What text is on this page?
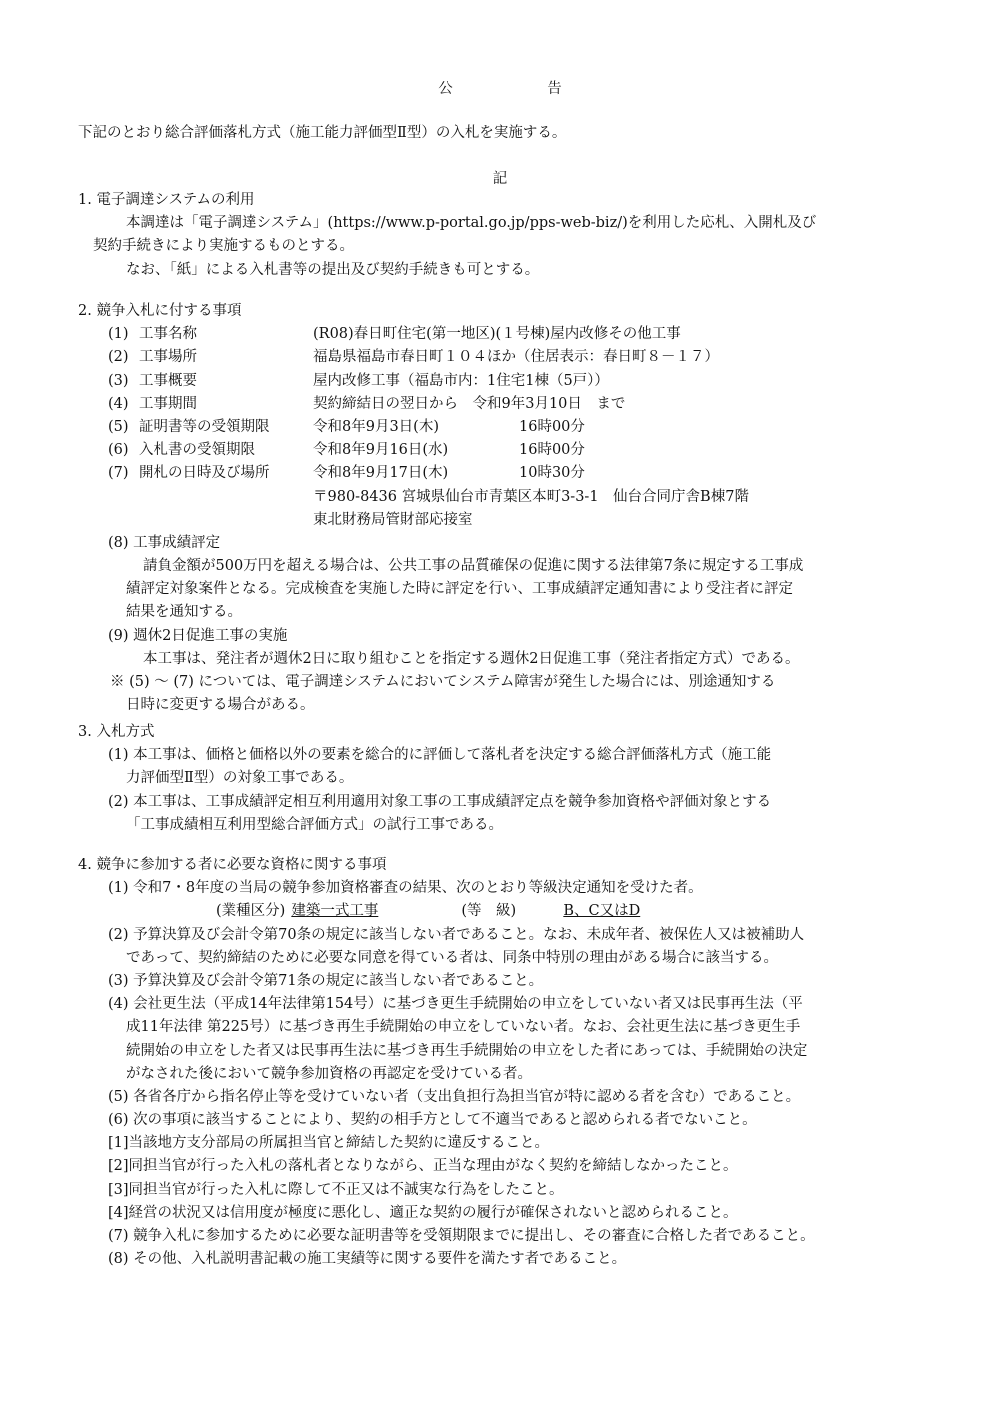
公　告
下記のとおり総合評価落札方式（施工能力評価型Ⅱ型）の入札を実施する。
記
1. 電子調達システムの利用
本調達は「電子調達システム」(https://www.p-portal.go.jp/pps-web-biz/)を利用した応札、入開札及び
契約手続きにより実施するものとする。
なお、「紙」による入札書等の提出及び契約手続きも可とする。
2. 競争入札に付する事項
(1) 工事名称	(R08)春日町住宅(第一地区)(１号棟)屋内改修その他工事
(2) 工事場所	福島県福島市春日町１０４ほか（住居表示：春日町８－１７）
(3) 工事概要	屋内改修工事（福島市内：1住宅1棟（5戸））
(4) 工事期間	契約締結日の翌日から　令和9年3月10日　まで
(5) 証明書等の受領期限	令和8年9月3日(木)	16時00分
(6) 入札書の受領期限	令和8年9月16日(水)	16時00分
(7) 開札の日時及び場所	令和8年9月17日(木)	10時30分
〒980-8436 宮城県仙台市青葉区本町3-3-1　仙台合同庁舎B棟7階
東北財務局管財部応接室
(8) 工事成績評定
請負金額が500万円を超える場合は、公共工事の品質確保の促進に関する法律第7条に規定する工事成
績評定対象案件となる。完成検査を実施した時に評定を行い、工事成績評定通知書により受注者に評定
結果を通知する。
(9) 週休2日促進工事の実施
本工事は、発注者が週休2日に取り組むことを指定する週休2日促進工事（発注者指定方式）である。
※ (5) ～ (7) については、電子調達システムにおいてシステム障害が発生した場合には、別途通知する
日時に変更する場合がある。
3. 入札方式
(1) 本工事は、価格と価格以外の要素を総合的に評価して落札者を決定する総合評価落札方式（施工能
力評価型Ⅱ型）の対象工事である。
(2) 本工事は、工事成績評定相互利用適用対象工事の工事成績評定点を競争参加資格や評価対象とする
「工事成績相互利用型総合評価方式」の試行工事である。
4. 競争に参加する者に必要な資格に関する事項
(1) 令和7・8年度の当局の競争参加資格審査の結果、次のとおり等級決定通知を受けた者。
(業種区分) 建築一式工事	(等　級)	B、C又はD
(2) 予算決算及び会計令第70条の規定に該当しない者であること。なお、未成年者、被保佐人又は被補助人
であって、契約締結のために必要な同意を得ている者は、同条中特別の理由がある場合に該当する。
(3) 予算決算及び会計令第71条の規定に該当しない者であること。
(4) 会社更生法（平成14年法律第154号）に基づき更生手続開始の申立をしていない者又は民事再生法（平
成11年法律 第225号）に基づき再生手続開始の申立をしていない者。なお、会社更生法に基づき更生手
続開始の申立をした者又は民事再生法に基づき再生手続開始の申立をした者にあっては、手続開始の決定
がなされた後において競争参加資格の再認定を受けている者。
(5) 各省各庁から指名停止等を受けていない者（支出負担行為担当官が特に認める者を含む）であること。
(6) 次の事項に該当することにより、契約の相手方として不適当であると認められる者でないこと。
[1]当該地方支分部局の所属担当官と締結した契約に違反すること。
[2]同担当官が行った入札の落札者となりながら、正当な理由がなく契約を締結しなかったこと。
[3]同担当官が行った入札に際して不正又は不誠実な行為をしたこと。
[4]経営の状況又は信用度が極度に悪化し、適正な契約の履行が確保されないと認められること。
(7) 競争入札に参加するために必要な証明書等を受領期限までに提出し、その審査に合格した者であること。
(8) その他、入札説明書記載の施工実績等に関する要件を満たす者であること。
